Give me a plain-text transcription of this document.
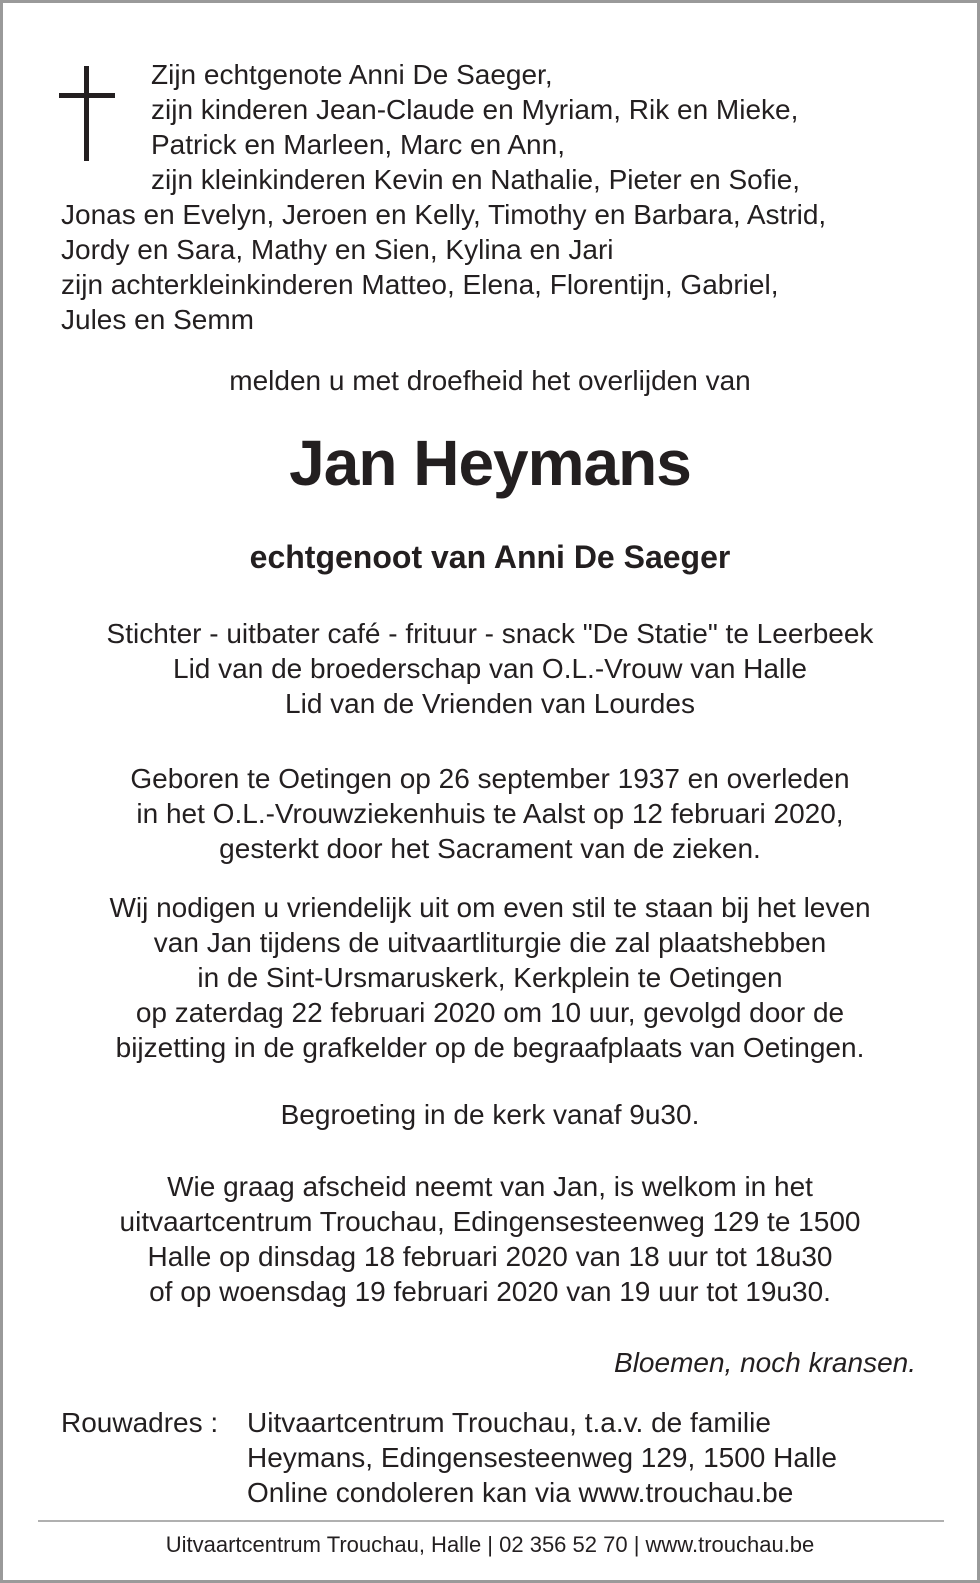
Zijn echtgenote Anni De Saeger,
zijn kinderen Jean-Claude en Myriam, Rik en Mieke,
Patrick en Marleen, Marc en Ann,
zijn kleinkinderen Kevin en Nathalie, Pieter en Sofie,
Jonas en Evelyn, Jeroen en Kelly, Timothy en Barbara, Astrid,
Jordy en Sara, Mathy en Sien, Kylina en Jari
zijn achterkleinkinderen Matteo, Elena, Florentijn, Gabriel,
Jules en Semm
melden u met droefheid het overlijden van
Jan Heymans
echtgenoot van Anni De Saeger
Stichter - uitbater café - frituur - snack "De Statie" te Leerbeek
Lid van de broederschap van O.L.-Vrouw van Halle
Lid van de Vrienden van Lourdes
Geboren te Oetingen op 26 september 1937 en overleden
in het O.L.-Vrouwziekenhuis te Aalst op 12 februari 2020,
gesterkt door het Sacrament van de zieken.
Wij nodigen u vriendelijk uit om even stil te staan bij het leven
van Jan tijdens de uitvaartliturgie die zal plaatshebben
in de Sint-Ursmaruskerk, Kerkplein te Oetingen
op zaterdag 22 februari 2020 om 10 uur, gevolgd door de
bijzetting in de grafkelder op de begraafplaats van Oetingen.
Begroeting in de kerk vanaf 9u30.
Wie graag afscheid neemt van Jan, is welkom in het
uitvaartcentrum Trouchau, Edingensesteenweg 129 te 1500
Halle op dinsdag 18 februari 2020 van 18 uur tot 18u30
of op woensdag 19 februari 2020 van 19 uur tot 19u30.
Bloemen, noch kransen.
Rouwadres : Uitvaartcentrum Trouchau, t.a.v. de familie
Heymans, Edingensesteenweg 129, 1500 Halle
Online condoleren kan via www.trouchau.be
Uitvaartcentrum Trouchau, Halle | 02 356 52 70 | www.trouchau.be
